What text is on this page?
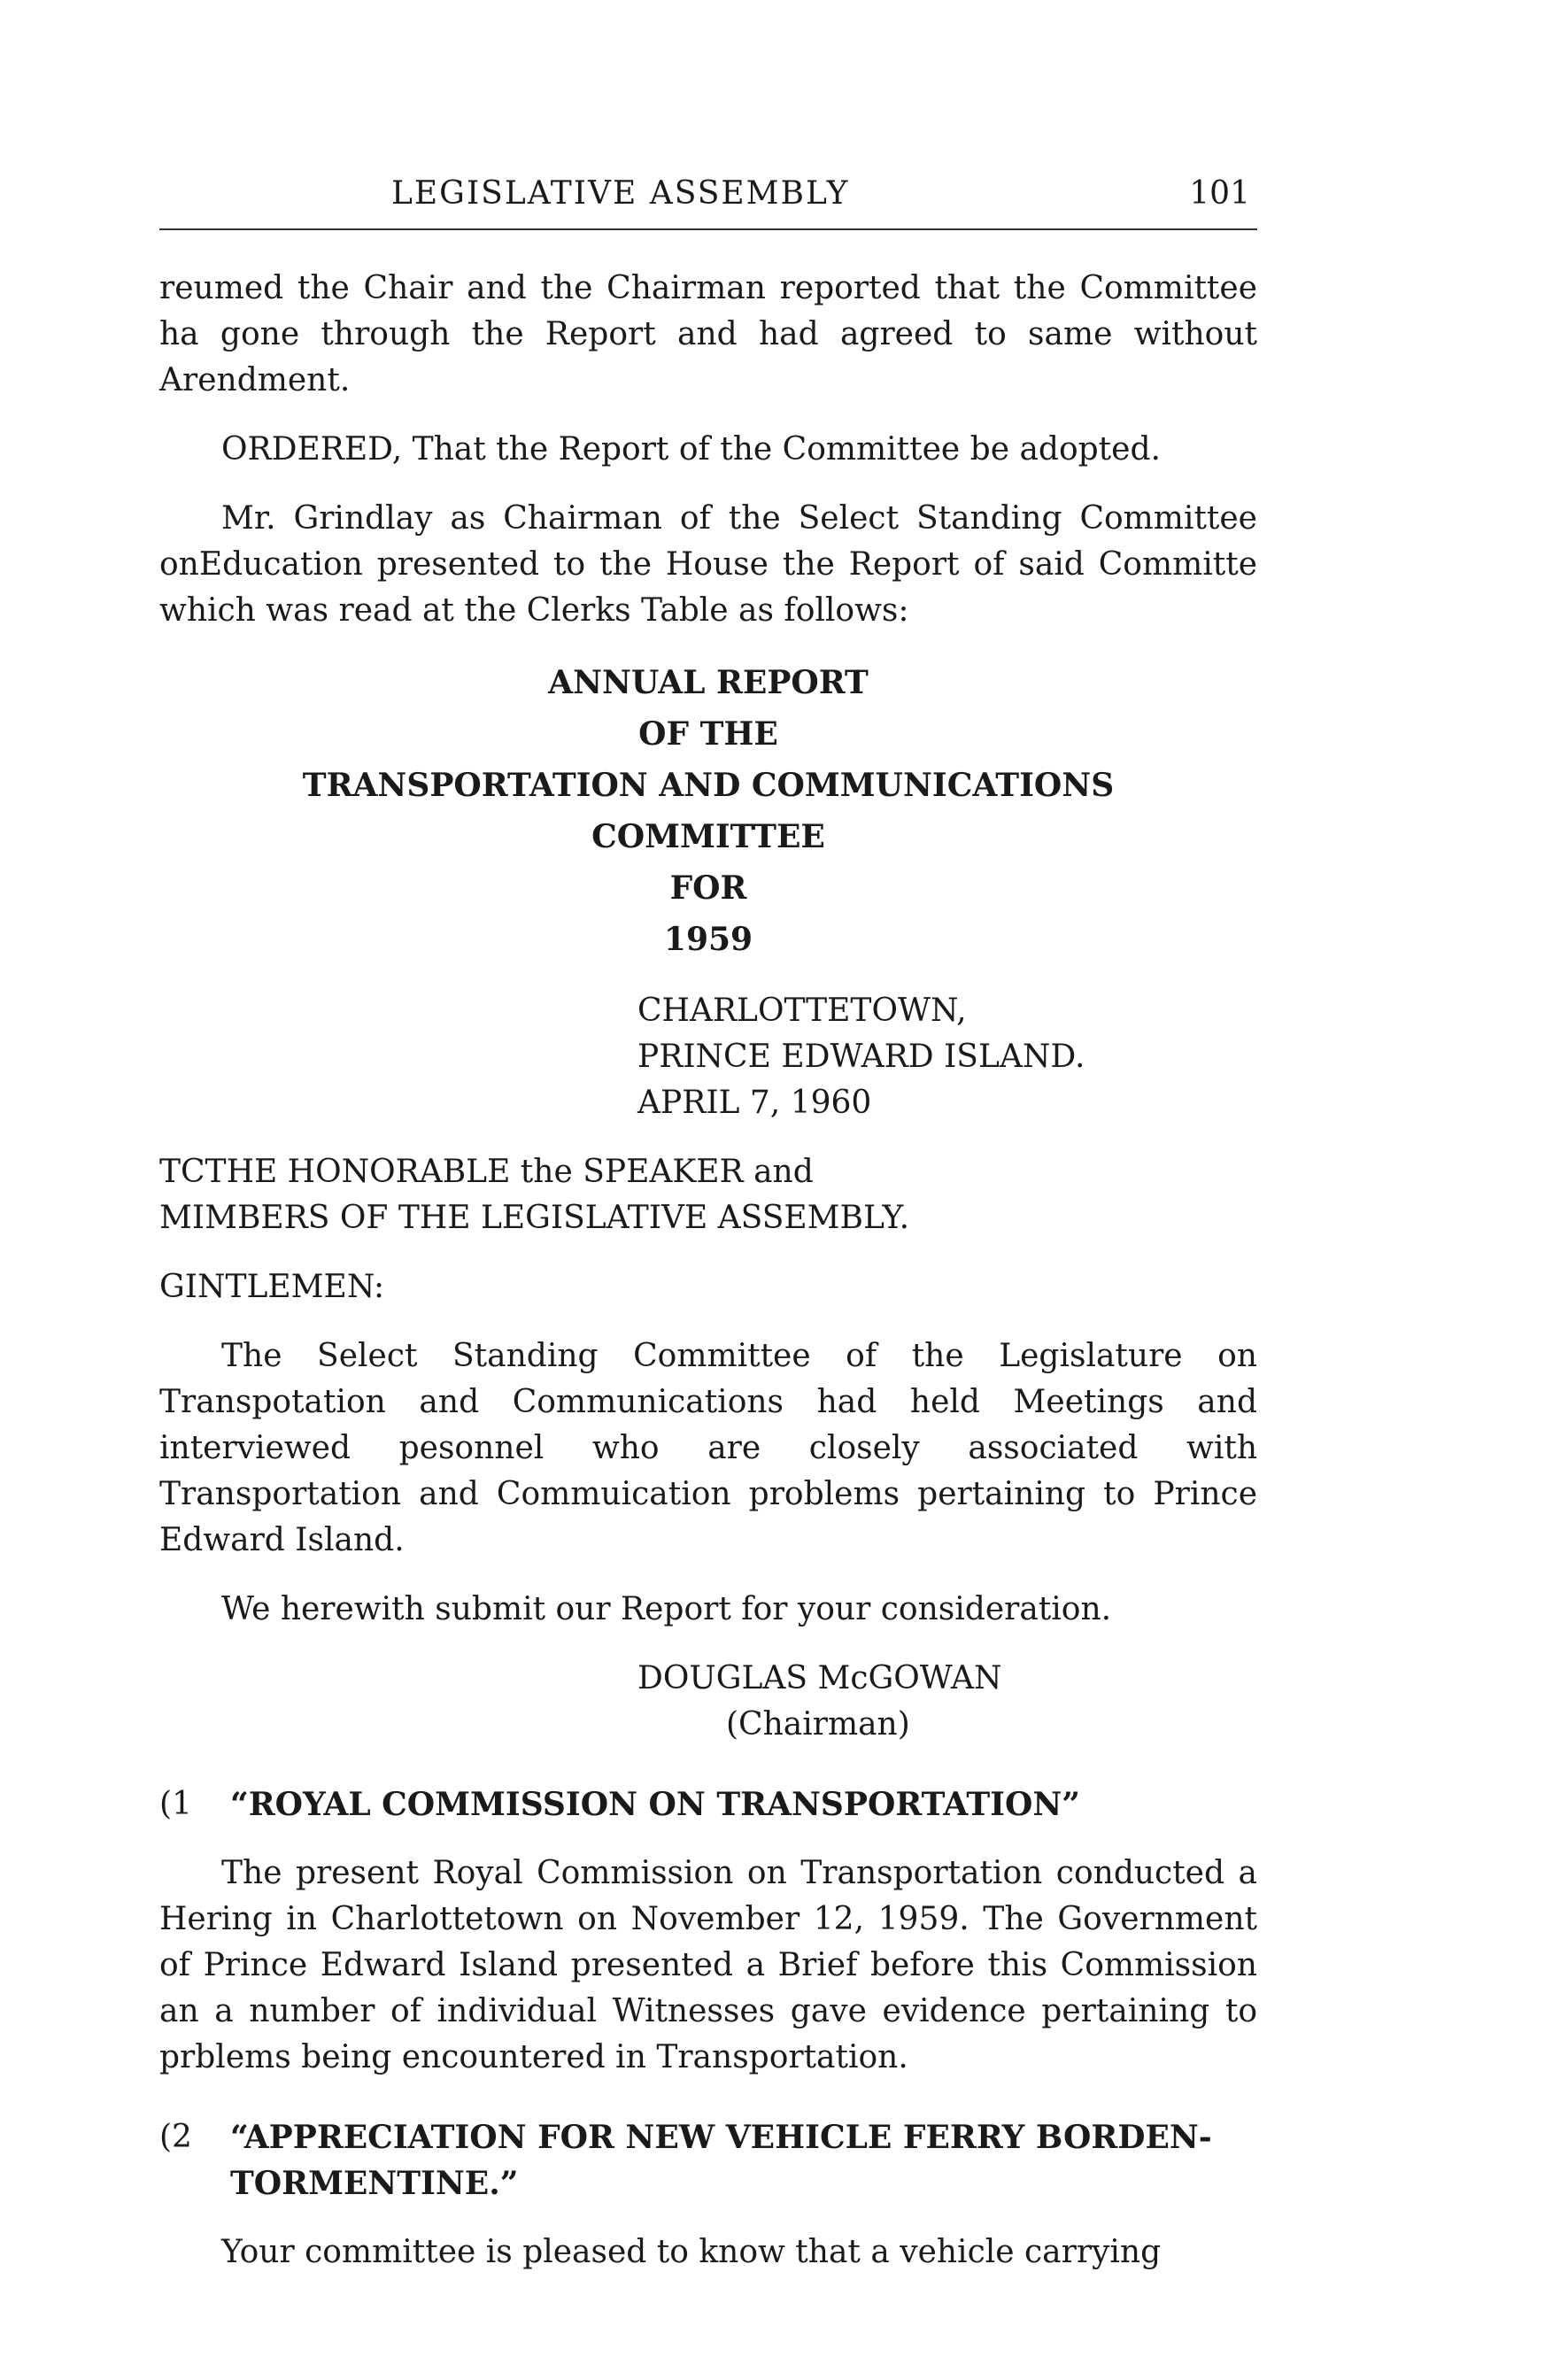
LEGISLATIVE ASSEMBLY	101

reumed the Chair and the Chairman reported that the Committee ha gone through the Report and had agreed to same without Arendment.

ORDERED, That the Report of the Committee be adopted.

Mr. Grindlay as Chairman of the Select Standing Committee onEducation presented to the House the Report of said Committe which was read at the Clerks Table as follows:

ANNUAL REPORT
OF THE
TRANSPORTATION AND COMMUNICATIONS
COMMITTEE
FOR
1959
CHARLOTTETOWN,
PRINCE EDWARD ISLAND.
APRIL 7, 1960
TCTHE HONORABLE the SPEAKER and
MIMBERS OF THE LEGISLATIVE ASSEMBLY.
GINTLEMEN:

The Select Standing Committee of the Legislature on Transpotation and Communications had held Meetings and interviewed pesonnel who are closely associated with Transportation and Commuication problems pertaining to Prince Edward Island.

We herewith submit our Report for your consideration.

DOUGLAS McGOWAN
(Chairman)
(1	“ROYAL COMMISSION ON TRANSPORTATION”

The present Royal Commission on Transportation conducted a Hering in Charlottetown on November 12, 1959. The Government of Prince Edward Island presented a Brief before this Commission an a number of individual Witnesses gave evidence pertaining to prblems being encountered in Transportation.

(2	“APPRECIATION FOR NEW VEHICLE FERRY BORDEN-TORMENTINE.”

Your committee is pleased to know that a vehicle carrying
